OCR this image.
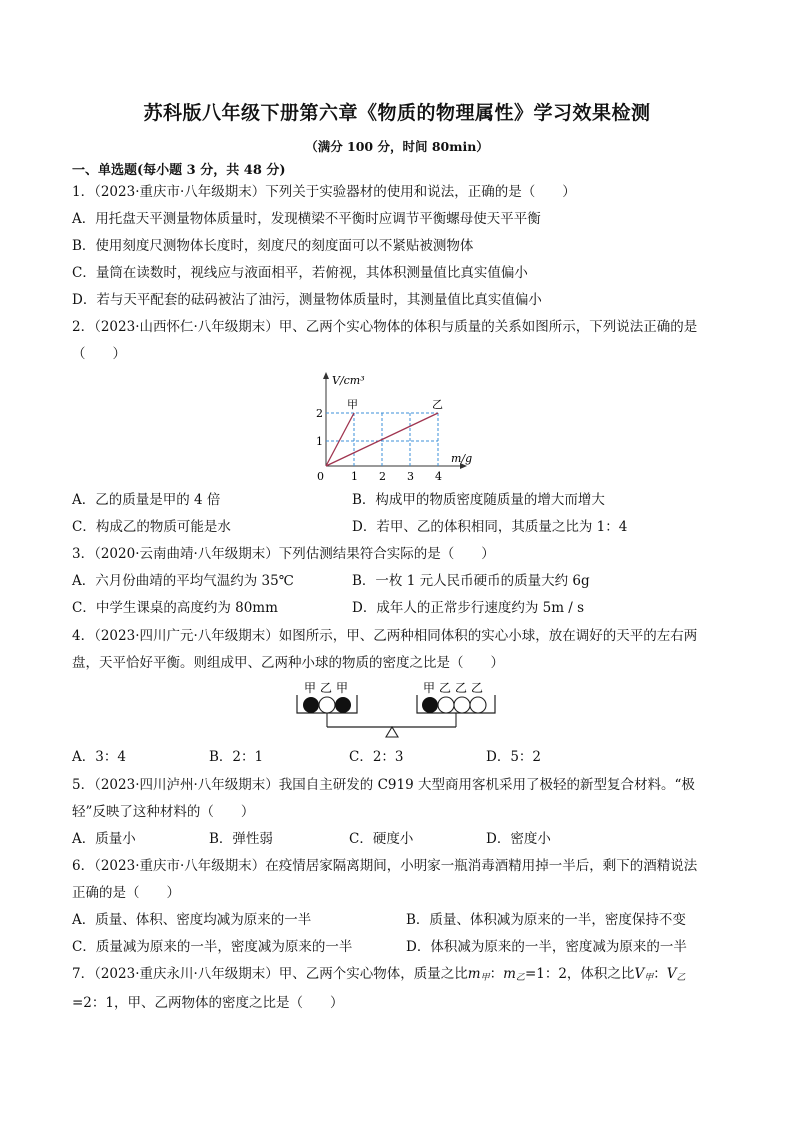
苏科版八年级下册第六章《物质的物理属性》学习效果检测
（满分 100 分，时间 80min）
一、单选题(每小题 3 分，共 48 分)
1．（2023·重庆市·八年级期末）下列关于实验器材的使用和说法，正确的是（　　）
A．用托盘天平测量物体质量时，发现横梁不平衡时应调节平衡螺母使天平平衡
B．使用刻度尺测物体长度时，刻度尺的刻度面可以不紧贴被测物体
C．量筒在读数时，视线应与液面相平，若俯视，其体积测量值比真实值偏小
D．若与天平配套的砝码被沾了油污，测量物体质量时，其测量值比真实值偏小
2．（2023·山西怀仁·八年级期末）甲、乙两个实心物体的体积与质量的关系如图所示，下列说法正确的是
（　　）
V/cm³
m/g
0 1 2 3 4
1
2
甲	乙
A．乙的质量是甲的 4 倍	B．构成甲的物质密度随质量的增大而增大
C．构成乙的物质可能是水	D．若甲、乙的体积相同，其质量之比为 1：4
3．（2020·云南曲靖·八年级期末）下列估测结果符合实际的是（　　）
A．六月份曲靖的平均气温约为 35℃	B．一枚 1 元人民币硬币的质量大约 6g
C．中学生课桌的高度约为 80mm	D．成年人的正常步行速度约为 5m / s
4．（2023·四川广元·八年级期末）如图所示，甲、乙两种相同体积的实心小球，放在调好的天平的左右两
盘，天平恰好平衡。则组成甲、乙两种小球的物质的密度之比是（　　）
甲 乙 甲	甲 乙 乙 乙
A．3：4	B．2：1	C．2：3	D．5：2
5．（2023·四川泸州·八年级期末）我国自主研发的 C919 大型商用客机采用了极轻的新型复合材料。“极
轻”反映了这种材料的（　　）
A．质量小	B．弹性弱	C．硬度小	D．密度小
6．（2023·重庆市·八年级期末）在疫情居家隔离期间，小明家一瓶消毒酒精用掉一半后，剩下的酒精说法
正确的是（　　）
A．质量、体积、密度均减为原来的一半	B．质量、体积减为原来的一半，密度保持不变
C．质量减为原来的一半，密度减为原来的一半	D．体积减为原来的一半，密度减为原来的一半
7．（2023·重庆永川·八年级期末）甲、乙两个实心物体，质量之比$m_甲$：$m_乙=1$：2，体积之比$V_甲$：$V_乙$
=2：1，甲、乙两物体的密度之比是（　　）
